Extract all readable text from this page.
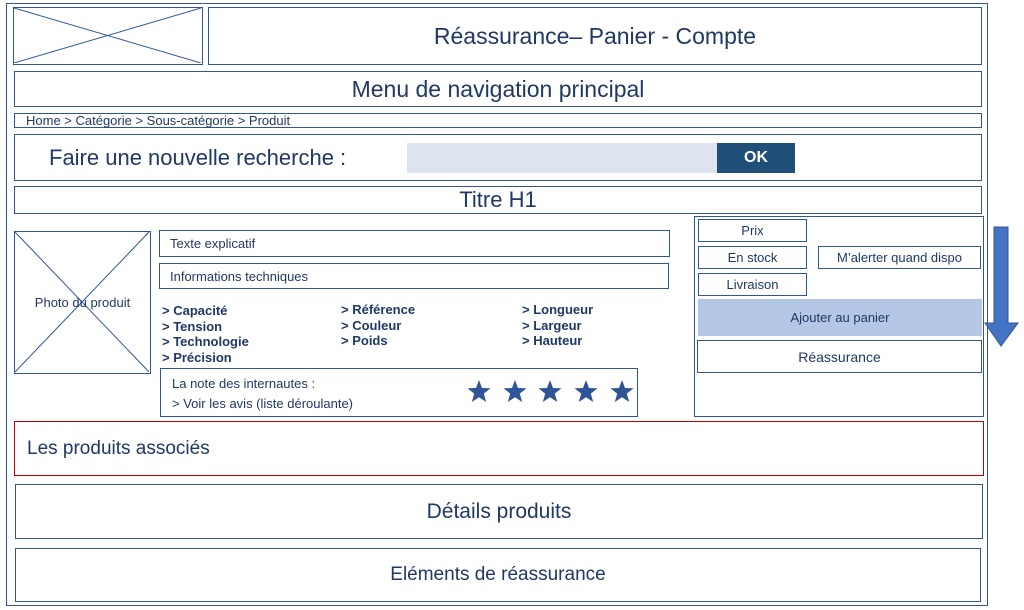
Réassurance– Panier - Compte
Menu de navigation principal
Home > Catégorie > Sous-catégorie > Produit
Faire une nouvelle recherche :	OK
Titre H1
Photo du produit
Texte explicatif
Informations techniques
> Capacité
> Tension
> Technologie
> Précision
> Référence
> Couleur
> Poids
> Longueur
> Largeur
> Hauteur
La note des internautes :
> Voir les avis (liste déroulante)
Prix
En stock	M’alerter quand dispo
Livraison
Ajouter au panier
Réassurance
Les produits associés
Détails produits
Eléments de réassurance
